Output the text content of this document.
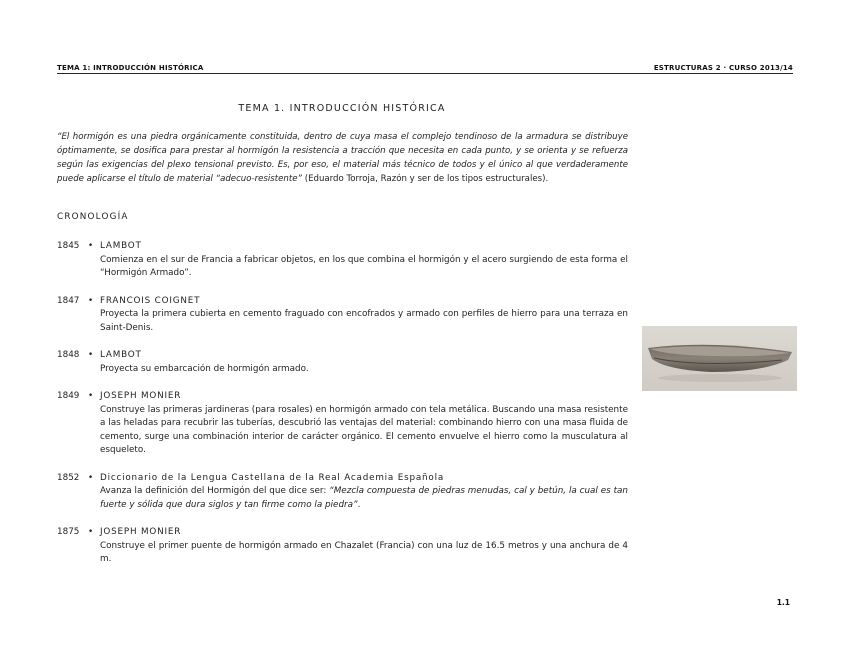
TEMA 1: INTRODUCCIÓN HISTÓRICA	ESTRUCTURAS 2 · CURSO 2013/14
TEMA 1. INTRODUCCIÓN HISTÓRICA
“El hormigón es una piedra orgánicamente constituida, dentro de cuya masa el complejo tendinoso de la armadura se distribuye óptimamente, se dosifica para prestar al hormigón la resistencia a tracción que necesita en cada punto, y se orienta y se refuerza según las exigencias del plexo tensional previsto. Es, por eso, el material más técnico de todos y el único al que verdaderamente puede aplicarse el título de material “adecuo-resistente” (Eduardo Torroja, Razón y ser de los tipos estructurales).
CRONOLOGÍA
1845 • LAMBOT
Comienza en el sur de Francia a fabricar objetos, en los que combina el hormigón y el acero surgiendo de esta forma el “Hormigón Armado”.
1847 • FRANCOIS COIGNET
Proyecta la primera cubierta en cemento fraguado con encofrados y armado con perfiles de hierro para una terraza en Saint-Denis.
1848 • LAMBOT
Proyecta su embarcación de hormigón armado.
1849 • JOSEPH MONIER
Construye las primeras jardineras (para rosales) en hormigón armado con tela metálica. Buscando una masa resistente a las heladas para recubrir las tuberías, descubrió las ventajas del material: combinando hierro con una masa fluida de cemento, surge una combinación interior de carácter orgánico. El cemento envuelve el hierro como la musculatura al esqueleto.
1852 • Diccionario de la Lengua Castellana de la Real Academia Española
Avanza la definición del Hormigón del que dice ser: “Mezcla compuesta de piedras menudas, cal y betún, la cual es tan fuerte y sólida que dura siglos y tan firme como la piedra”.
1875 • JOSEPH MONIER
Construye el primer puente de hormigón armado en Chazalet (Francia) con una luz de 16.5 metros y una anchura de 4 m.
1.1
